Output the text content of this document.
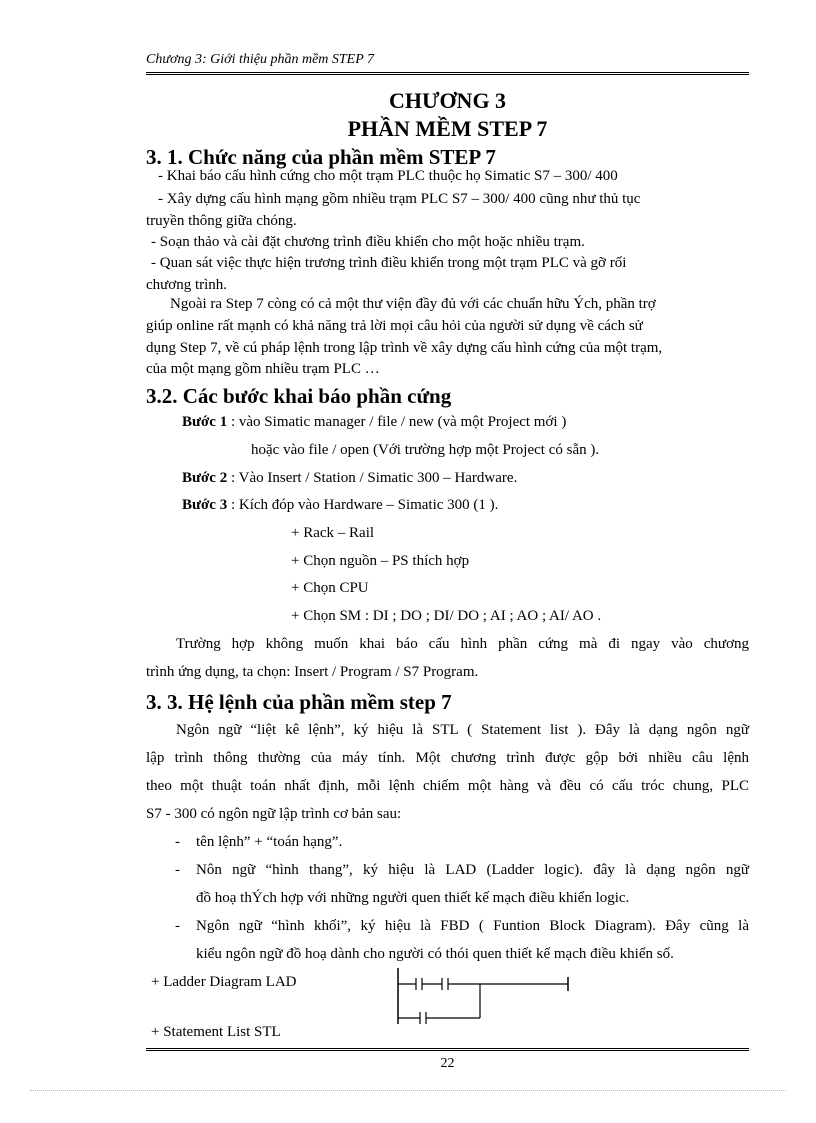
Chương 3: Giới thiệu phần mềm STEP 7
CHƯƠNG 3
PHẦN MỀM STEP 7
3. 1. Chức năng của phần mềm STEP 7
- Khai báo cấu hình cứng cho một trạm PLC thuộc họ Simatic S7 – 300/ 400
- Xây dựng cấu hình mạng gồm nhiều trạm PLC S7 – 300/ 400 cũng như thủ tục
truyền thông giữa chóng.
- Soạn thảo và cài đặt chương trình điều khiển cho một hoặc nhiều trạm.
- Quan sát việc thực hiện trương trình điều khiển trong một trạm PLC và gỡ rối
chương trình.
Ngoài ra Step 7 còng có cả một thư viện đầy đủ với các chuẩn hữu Ých, phần trợ
giúp online rất mạnh có khả năng trả lời mọi câu hỏi của người sử dụng về cách sử
dụng Step 7, về cú pháp lệnh trong lập trình về xây dựng cấu hình cứng của một trạm,
của một mạng gồm nhiều trạm PLC …
3.2. Các bước khai báo phần cứng
Bước 1 : vào Simatic manager / file / new (và một Project mới )
hoặc vào file / open (Với trường hợp một Project có sẵn ).
Bước 2 : Vào Insert / Station / Simatic 300 – Hardware.
Bước 3 : Kích đóp vào Hardware – Simatic 300 (1 ).
+ Rack – Rail
+ Chọn nguồn – PS thích hợp
+ Chọn CPU
+ Chọn SM : DI ; DO ; DI/ DO ; AI ; AO ; AI/ AO .
Trường hợp không muốn khai báo cấu hình phần cứng mà đi ngay vào chương
trình ứng dụng, ta chọn: Insert / Program / S7 Program.
3. 3. Hệ lệnh của phần mềm step 7
Ngôn ngữ “liệt kê lệnh”, ký hiệu là STL ( Statement list ). Đây là dạng ngôn ngữ
lập trình thông thường của máy tính. Một chương trình được gộp bởi nhiều câu lệnh
theo một thuật toán nhất định, mỗi lệnh chiếm một hàng và đều có cấu tróc chung, PLC
S7 - 300 có ngôn ngữ lập trình cơ bản sau:
- tên lệnh” + “toán hạng”.
- Nôn ngữ “hình thang”, ký hiệu là LAD (Ladder logic). đây là dạng ngôn ngữ
đồ hoạ thÝch hợp với những người quen thiết kế mạch điều khiển logic.
- Ngôn ngữ “hình khối”, ký hiệu là FBD ( Funtion Block Diagram). Đây cũng là
kiểu ngôn ngữ đồ hoạ dành cho người có thói quen thiết kế mạch điều khiển số.
+ Ladder Diagram LAD
+ Statement List STL
22
